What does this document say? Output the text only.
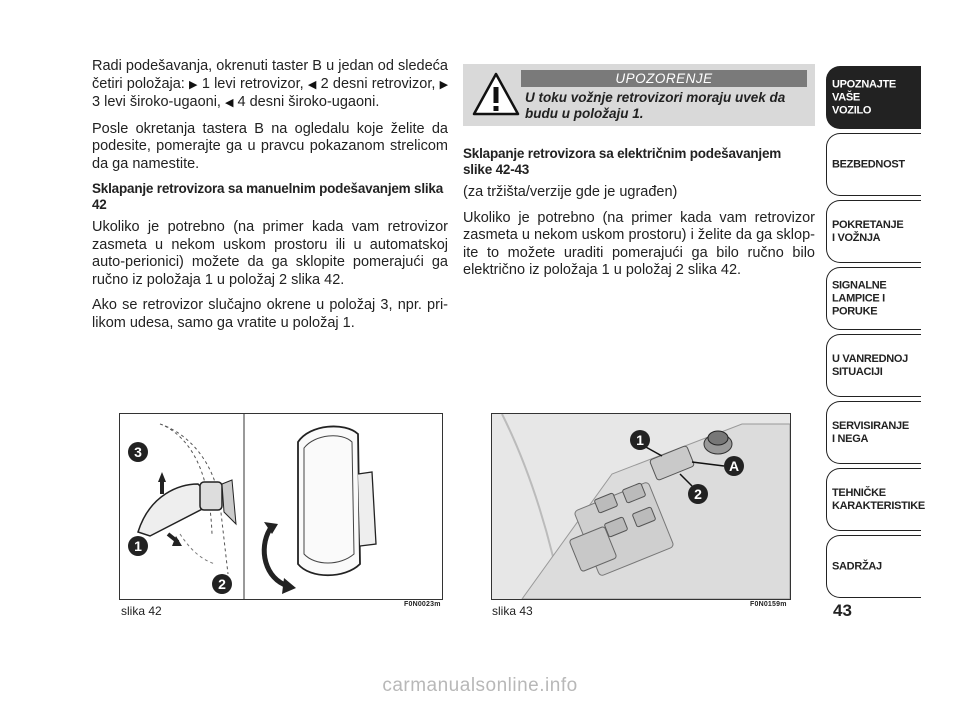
Radi podešavanja, okrenuti taster B u jedan od sledeća četiri položaja: ▶ 1 levi retrovizor, ◀ 2 desni retrovizor, ▶ 3 levi široko-ugaoni, ◀ 4 desni široko-ugaoni.

Posle okretanja tastera B na ogledalu koje želite da podesite, pomerajte ga u pravcu pokazanom strelicom da ga namestite.

Sklapanje retrovizora sa manuelnim podešavanjem slika 42

Ukoliko je potrebno (na primer kada vam retrovizor zasmeta u nekom uskom prostoru ili u automatskoj auto-perionici) možete da ga sklopite pomerajući ga ručno iz položaja 1 u položaj 2 slika 42.

Ako se retrovizor slučajno okrene u položaj 3, npr. pri-likom udesa, samo ga vratite u položaj 1.

UPOZORENJE
U toku vožnje retrovizori moraju uvek da budu u položaju 1.
Sklapanje retrovizora sa električnim podešavanjem
slike 42-43

(za tržišta/verzije gde je ugrađen)

Ukoliko je potrebno (na primer kada vam retrovizor zasmeta u nekom uskom prostoru) i želite da ga sklop-ite to možete uraditi pomerajući ga bilo ručno bilo električno iz položaja 1 u položaj 2 slika 42.

3
1
2
slika 42	F0N0023m
1
A
2
slika 43	F0N0159m
UPOZNAJTE
VAŠE
VOZILO
BEZBEDNOST
POKRETANJE
I VOŽNJA
SIGNALNE
LAMPICE I PORUKE
U VANREDNOJ
SITUACIJI
SERVISIRANJE
I NEGA
TEHNIČKE
KARAKTERISTIKE
SADRŽAJ
43
carmanualsonline.info
